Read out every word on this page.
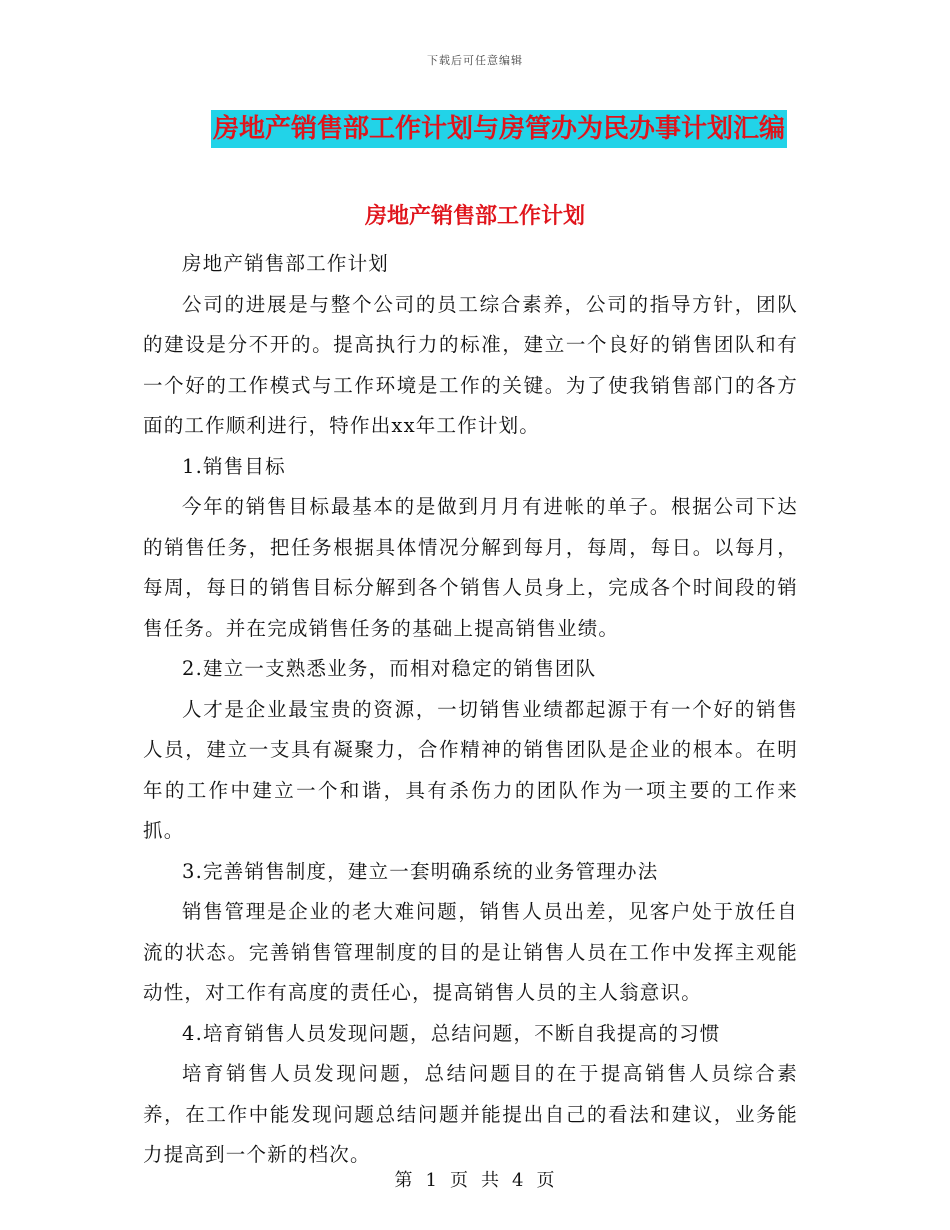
下载后可任意编辑
房地产销售部工作计划与房管办为民办事计划汇编
房地产销售部工作计划

房地产销售部工作计划

公司的进展是与整个公司的员工综合素养，公司的指导方针，团队的建设是分不开的。提高执行力的标准，建立一个良好的销售团队和有一个好的工作模式与工作环境是工作的关键。为了使我销售部门的各方面的工作顺利进行，特作出xx年工作计划。

1.销售目标

今年的销售目标最基本的是做到月月有进帐的单子。根据公司下达的销售任务，把任务根据具体情况分解到每月，每周，每日。以每月，每周，每日的销售目标分解到各个销售人员身上，完成各个时间段的销售任务。并在完成销售任务的基础上提高销售业绩。

2.建立一支熟悉业务，而相对稳定的销售团队

人才是企业最宝贵的资源，一切销售业绩都起源于有一个好的销售人员，建立一支具有凝聚力，合作精神的销售团队是企业的根本。在明年的工作中建立一个和谐，具有杀伤力的团队作为一项主要的工作来抓。

3.完善销售制度，建立一套明确系统的业务管理办法

销售管理是企业的老大难问题，销售人员出差，见客户处于放任自流的状态。完善销售管理制度的目的是让销售人员在工作中发挥主观能动性，对工作有高度的责任心，提高销售人员的主人翁意识。

4.培育销售人员发现问题，总结问题，不断自我提高的习惯

培育销售人员发现问题，总结问题目的在于提高销售人员综合素养，在工作中能发现问题总结问题并能提出自己的看法和建议，业务能力提高到一个新的档次。

第 1 页 共 4 页
